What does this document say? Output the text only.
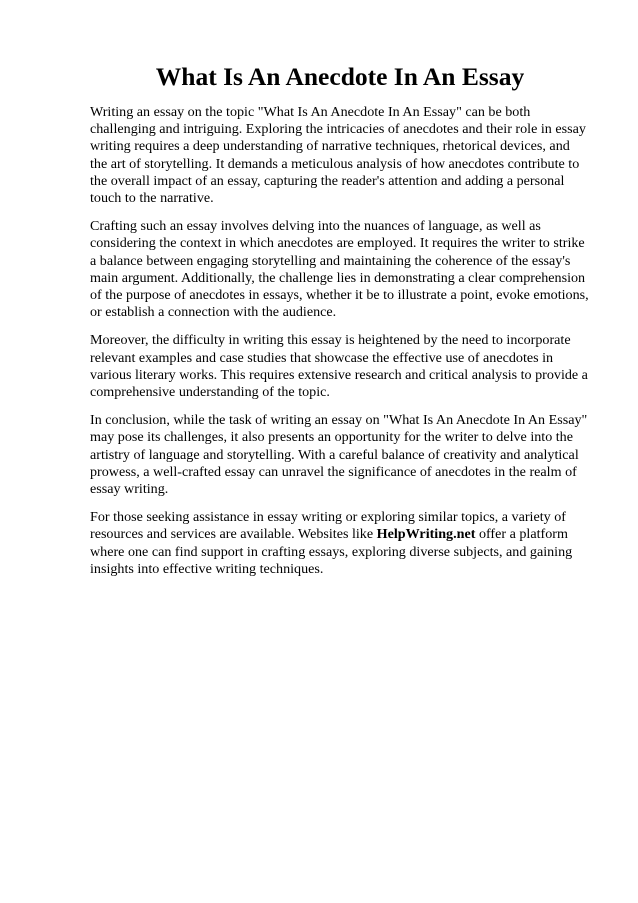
What Is An Anecdote In An Essay

Writing an essay on the topic "What Is An Anecdote In An Essay" can be both challenging and intriguing. Exploring the intricacies of anecdotes and their role in essay writing requires a deep understanding of narrative techniques, rhetorical devices, and the art of storytelling. It demands a meticulous analysis of how anecdotes contribute to the overall impact of an essay, capturing the reader's attention and adding a personal touch to the narrative.

Crafting such an essay involves delving into the nuances of language, as well as considering the context in which anecdotes are employed. It requires the writer to strike a balance between engaging storytelling and maintaining the coherence of the essay's main argument. Additionally, the challenge lies in demonstrating a clear comprehension of the purpose of anecdotes in essays, whether it be to illustrate a point, evoke emotions, or establish a connection with the audience.

Moreover, the difficulty in writing this essay is heightened by the need to incorporate relevant examples and case studies that showcase the effective use of anecdotes in various literary works. This requires extensive research and critical analysis to provide a comprehensive understanding of the topic.

In conclusion, while the task of writing an essay on "What Is An Anecdote In An Essay" may pose its challenges, it also presents an opportunity for the writer to delve into the artistry of language and storytelling. With a careful balance of creativity and analytical prowess, a well-crafted essay can unravel the significance of anecdotes in the realm of essay writing.

For those seeking assistance in essay writing or exploring similar topics, a variety of resources and services are available. Websites like HelpWriting.net offer a platform where one can find support in crafting essays, exploring diverse subjects, and gaining insights into effective writing techniques.
